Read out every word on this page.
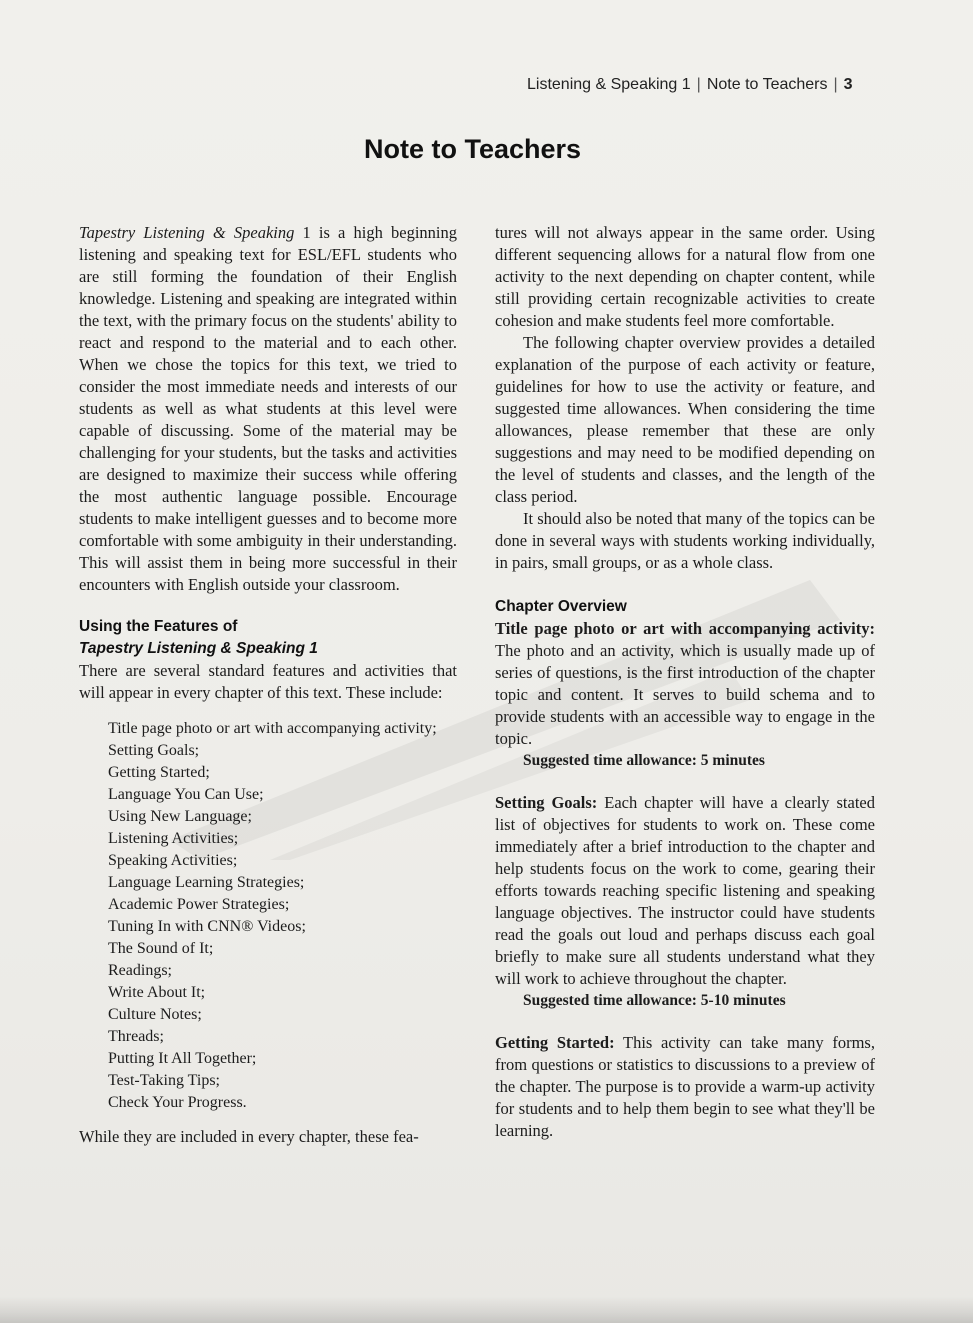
Listening & Speaking 1 | Note to Teachers | 3
Note to Teachers

Tapestry Listening & Speaking 1 is a high beginning listening and speaking text for ESL/EFL students who are still forming the foundation of their English knowledge. Listening and speaking are integrated within the text, with the primary focus on the students' ability to react and respond to the material and to each other. When we chose the topics for this text, we tried to consider the most immediate needs and interests of our students as well as what students at this level were capable of discussing. Some of the material may be challenging for your students, but the tasks and activities are designed to maximize their success while offering the most authentic language possible. Encourage students to make intelligent guesses and to become more comfortable with some ambiguity in their understanding. This will assist them in being more successful in their encounters with English outside your classroom.

Using the Features of
Tapestry Listening & Speaking 1

There are several standard features and activities that will appear in every chapter of this text. These include:

Title page photo or art with accompanying activity;
Setting Goals;
Getting Started;
Language You Can Use;
Using New Language;
Listening Activities;
Speaking Activities;
Language Learning Strategies;
Academic Power Strategies;
Tuning In with CNN® Videos;
The Sound of It;
Readings;
Write About It;
Culture Notes;
Threads;
Putting It All Together;
Test-Taking Tips;
Check Your Progress.

While they are included in every chapter, these fea-

tures will not always appear in the same order. Using different sequencing allows for a natural flow from one activity to the next depending on chapter content, while still providing certain recognizable activities to create cohesion and make students feel more comfortable.

The following chapter overview provides a detailed explanation of the purpose of each activity or feature, guidelines for how to use the activity or feature, and suggested time allowances. When considering the time allowances, please remember that these are only suggestions and may need to be modified depending on the level of students and classes, and the length of the class period.

It should also be noted that many of the topics can be done in several ways with students working individually, in pairs, small groups, or as a whole class.

Chapter Overview

Title page photo or art with accompanying activity: The photo and an activity, which is usually made up of series of questions, is the first introduction of the chapter topic and content. It serves to build schema and to provide students with an accessible way to engage in the topic.

Suggested time allowance: 5 minutes

Setting Goals: Each chapter will have a clearly stated list of objectives for students to work on. These come immediately after a brief introduction to the chapter and help students focus on the work to come, gearing their efforts towards reaching specific listening and speaking language objectives. The instructor could have students read the goals out loud and perhaps discuss each goal briefly to make sure all students understand what they will work to achieve throughout the chapter.

Suggested time allowance: 5-10 minutes

Getting Started: This activity can take many forms, from questions or statistics to discussions to a preview of the chapter. The purpose is to provide a warm-up activity for students and to help them begin to see what they'll be learning.
